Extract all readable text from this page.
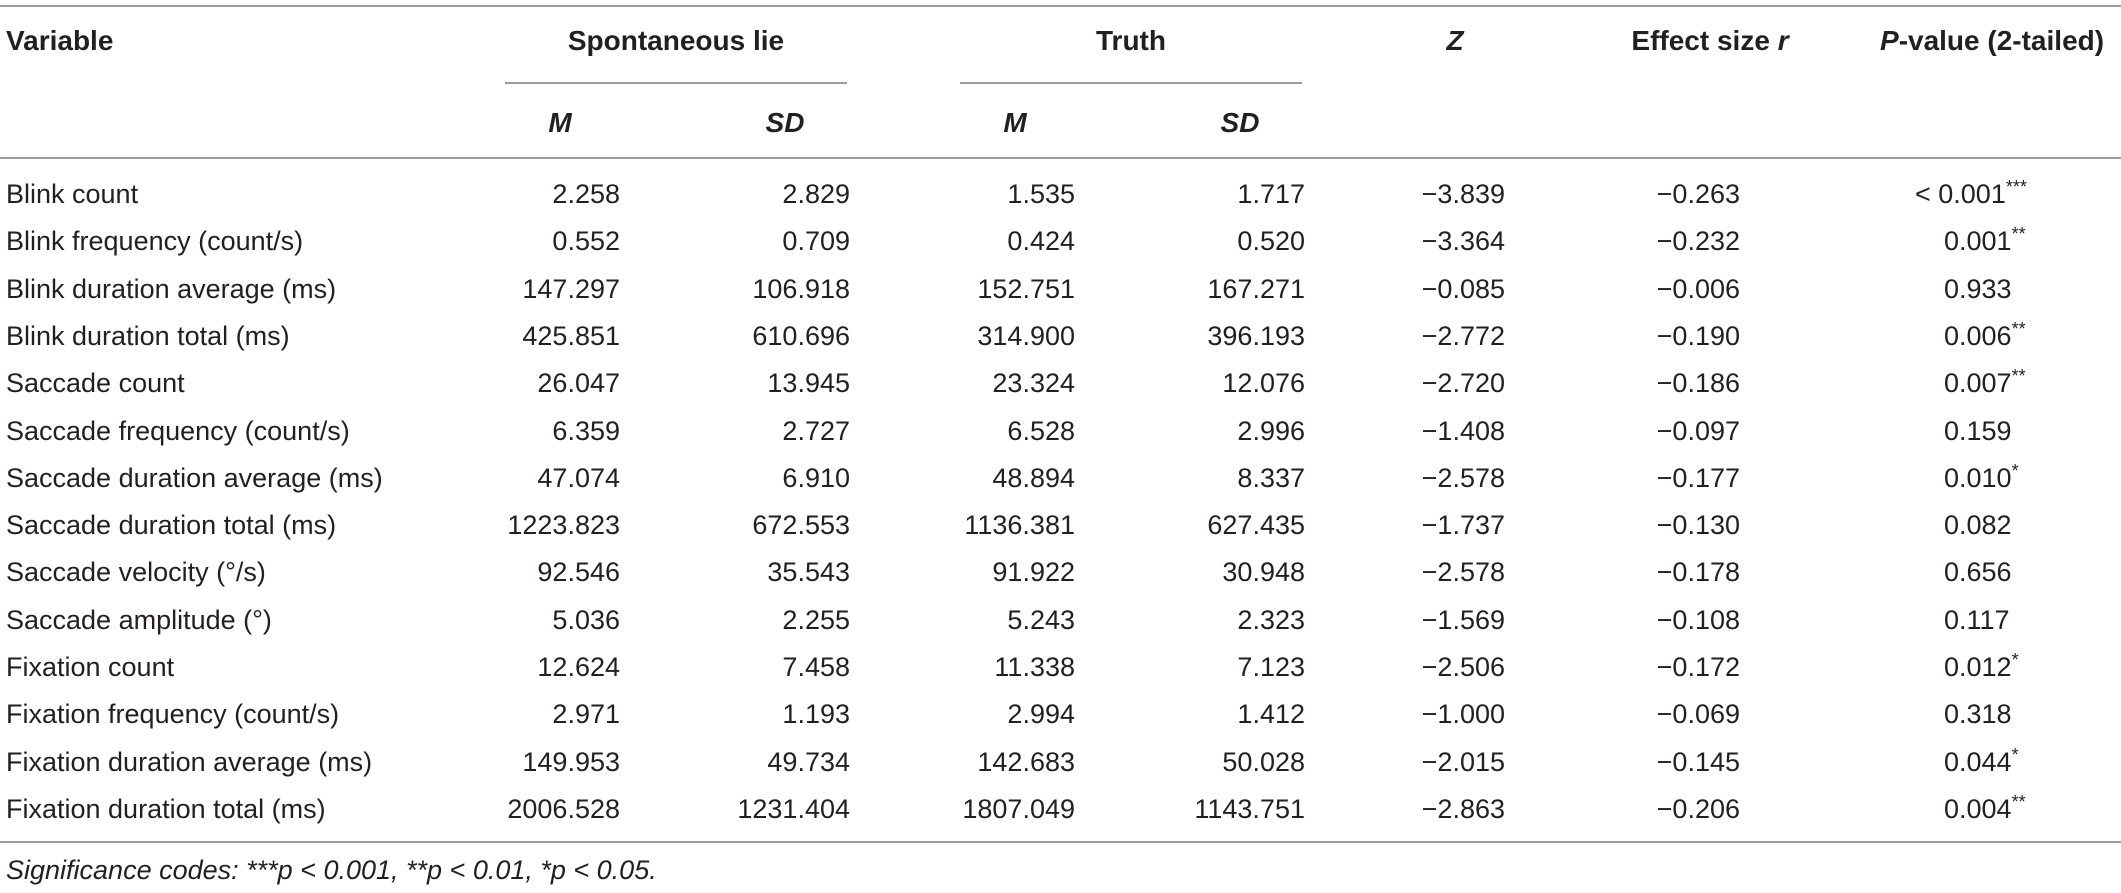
Variable	Spontaneous lie	Truth	Z	Effect size r	P-value (2-tailed)
M	SD	M	SD
Blink count	2.258	2.829	1.535	1.717	−3.839	−0.263	< 0.001***
Blink frequency (count/s)	0.552	0.709	0.424	0.520	−3.364	−0.232	0.001**
Blink duration average (ms)	147.297	106.918	152.751	167.271	−0.085	−0.006	0.933
Blink duration total (ms)	425.851	610.696	314.900	396.193	−2.772	−0.190	0.006**
Saccade count	26.047	13.945	23.324	12.076	−2.720	−0.186	0.007**
Saccade frequency (count/s)	6.359	2.727	6.528	2.996	−1.408	−0.097	0.159
Saccade duration average (ms)	47.074	6.910	48.894	8.337	−2.578	−0.177	0.010*
Saccade duration total (ms)	1223.823	672.553	1136.381	627.435	−1.737	−0.130	0.082
Saccade velocity (°/s)	92.546	35.543	91.922	30.948	−2.578	−0.178	0.656
Saccade amplitude (°)	5.036	2.255	5.243	2.323	−1.569	−0.108	0.117
Fixation count	12.624	7.458	11.338	7.123	−2.506	−0.172	0.012*
Fixation frequency (count/s)	2.971	1.193	2.994	1.412	−1.000	−0.069	0.318
Fixation duration average (ms)	149.953	49.734	142.683	50.028	−2.015	−0.145	0.044*
Fixation duration total (ms)	2006.528	1231.404	1807.049	1143.751	−2.863	−0.206	0.004**
Significance codes: ***p < 0.001, **p < 0.01, *p < 0.05.
